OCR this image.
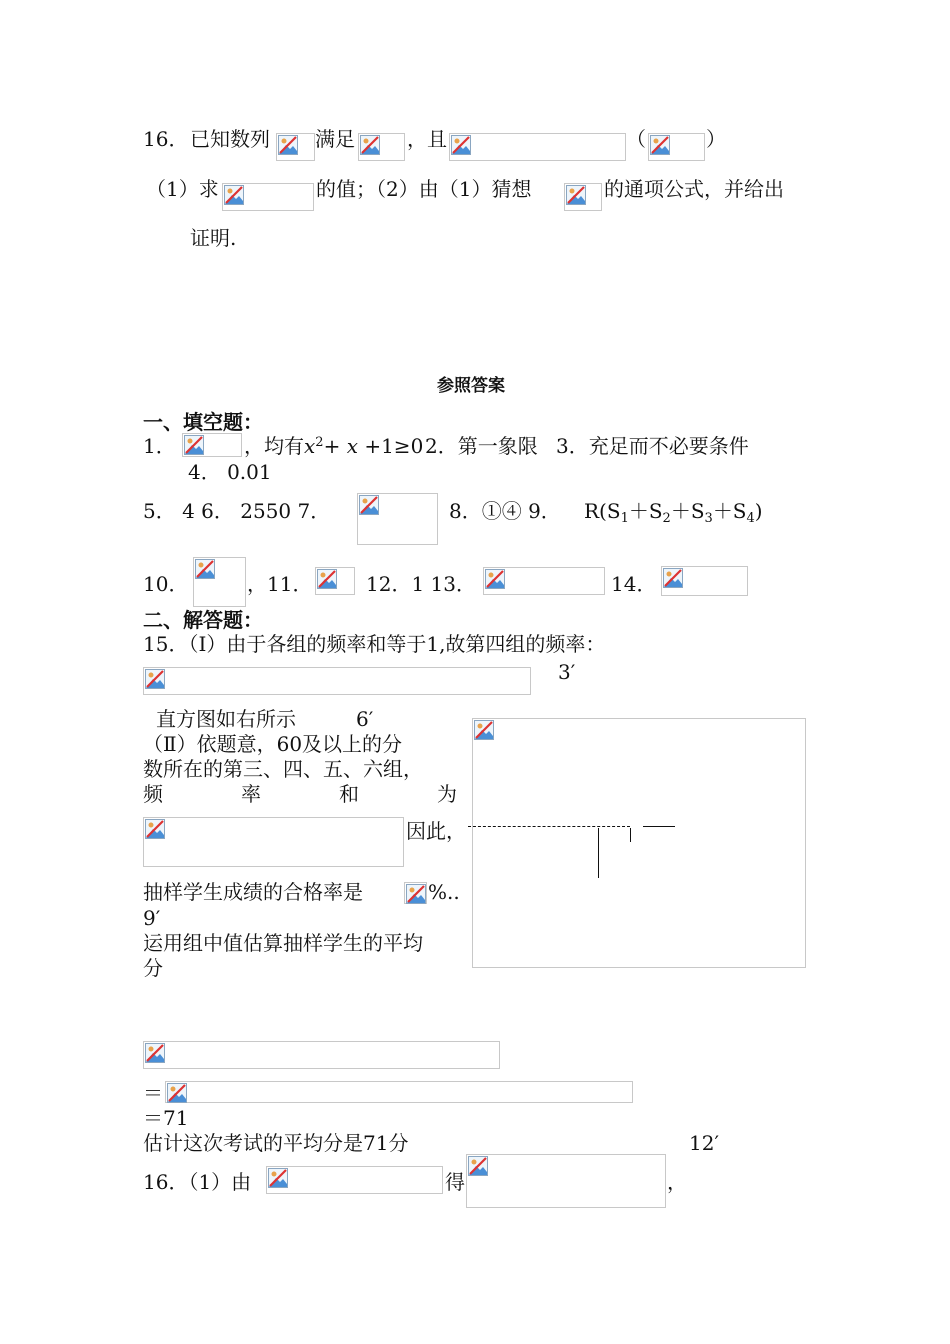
16． 已知数列 满足	，且	（	）
（1）求	的值；（2）由（1）猜想	的通项公式，并给出
证明.
参照答案
一、填空题：
1．	，均有$x^2+ x +1\ge 0$ 2．第一象限 3．充足而不必要条件
4． 0.01
5． 4 6． 2550 7．	8．①④ 9． $R(S_1+S_2+S_3+S_4)$
10．	，11．	12．1 13．	14．
二、解答题：
15．（Ⅰ）由于各组的频率和等于1,故第四组的频率：
3′
直方图如右所示	6′
（Ⅱ）依题意，60及以上的分
数所在的第三、四、五、六组，
频	率	和	为
因此，
抽样学生成绩的合格率是	%..
9′
运用组中值估算抽样学生的平均
分
＝
＝71
估计这次考试的平均分是71分	12′
16．（1）由	得	，
